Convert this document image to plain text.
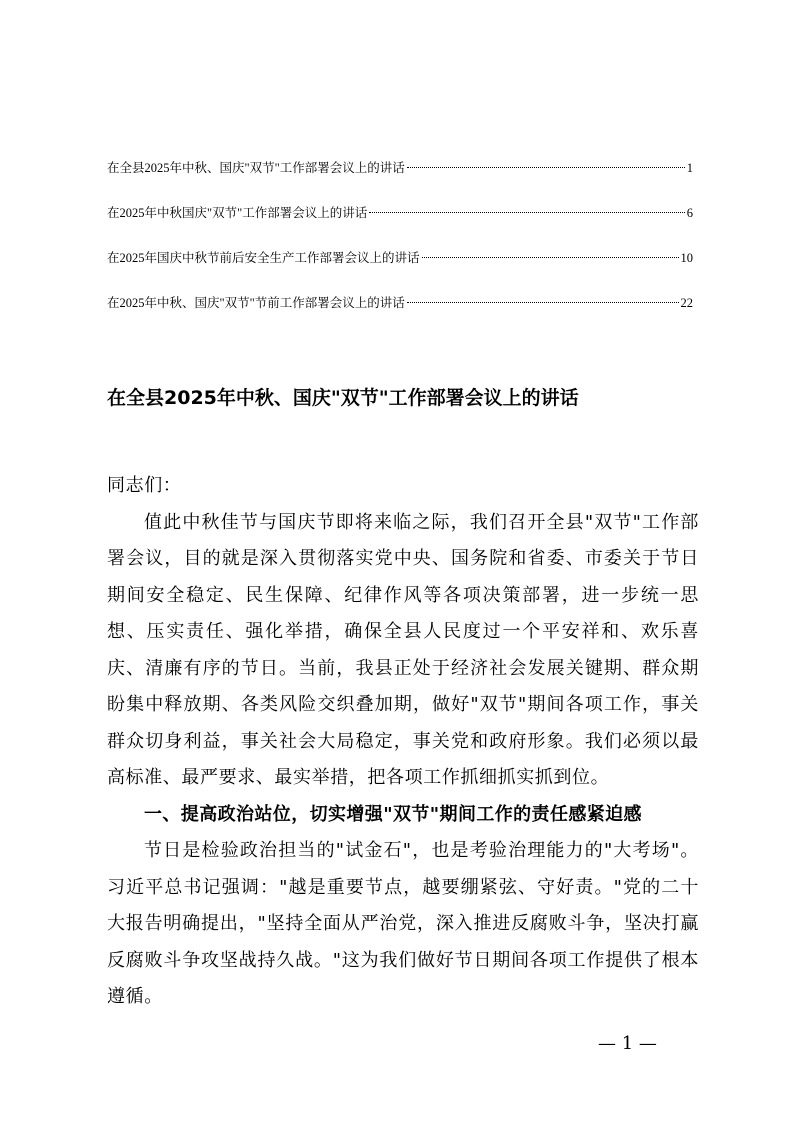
在全县2025年中秋、国庆"双节"工作部署会议上的讲话	1
在2025年中秋国庆"双节"工作部署会议上的讲话	6
在2025年国庆中秋节前后安全生产工作部署会议上的讲话	10
在2025年中秋、国庆"双节"节前工作部署会议上的讲话	22
在全县2025年中秋、国庆"双节"工作部署会议上的讲话

同志们：

值此中秋佳节与国庆节即将来临之际，我们召开全县"双节"工作部署会议，目的就是深入贯彻落实党中央、国务院和省委、市委关于节日期间安全稳定、民生保障、纪律作风等各项决策部署，进一步统一思想、压实责任、强化举措，确保全县人民度过一个平安祥和、欢乐喜庆、清廉有序的节日。当前，我县正处于经济社会发展关键期、群众期盼集中释放期、各类风险交织叠加期，做好"双节"期间各项工作，事关群众切身利益，事关社会大局稳定，事关党和政府形象。我们必须以最高标准、最严要求、最实举措，把各项工作抓细抓实抓到位。

一、提高政治站位，切实增强"双节"期间工作的责任感紧迫感

节日是检验政治担当的"试金石"，也是考验治理能力的"大考场"。习近平总书记强调："越是重要节点，越要绷紧弦、守好责。"党的二十大报告明确提出，"坚持全面从严治党，深入推进反腐败斗争，坚决打赢反腐败斗争攻坚战持久战。"这为我们做好节日期间各项工作提供了根本遵循。

— 1 —
